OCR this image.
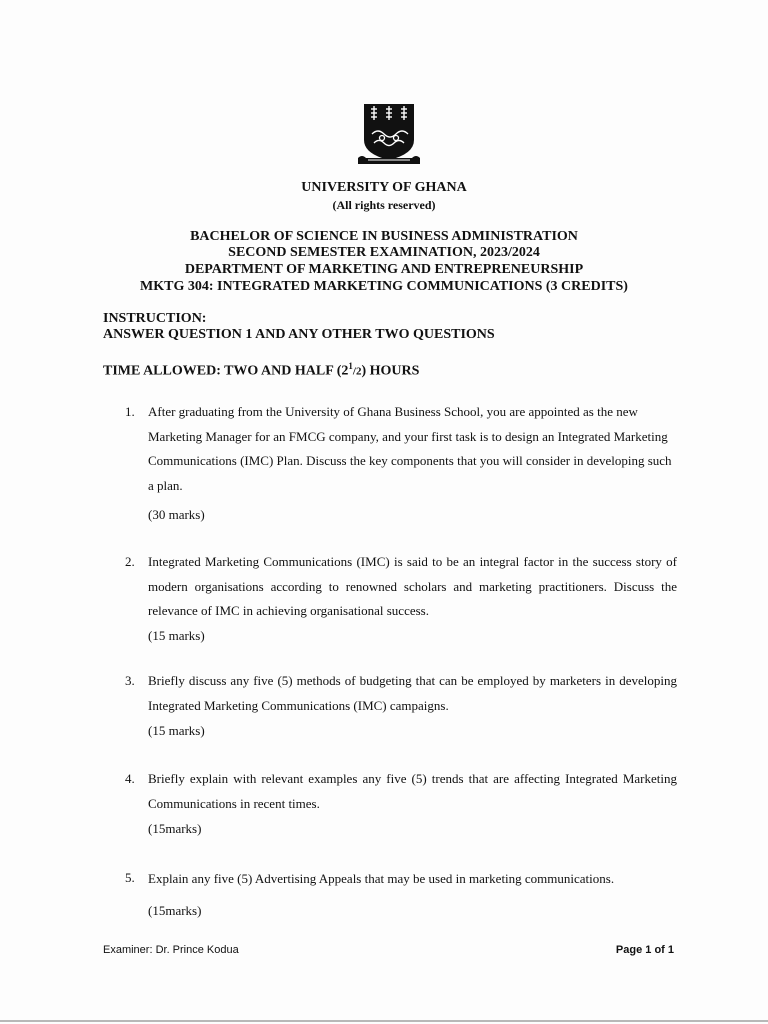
UNIVERSITY OF GHANA
(All rights reserved)
BACHELOR OF SCIENCE IN BUSINESS ADMINISTRATION
SECOND SEMESTER EXAMINATION, 2023/2024
DEPARTMENT OF MARKETING AND ENTREPRENEURSHIP
MKTG 304: INTEGRATED MARKETING COMMUNICATIONS (3 CREDITS)
INSTRUCTION:
ANSWER QUESTION 1 AND ANY OTHER TWO QUESTIONS
TIME ALLOWED: TWO AND HALF $(2^1/2)$ HOURS
1. After graduating from the University of Ghana Business School, you are appointed as the new Marketing Manager for an FMCG company, and your first task is to design an Integrated Marketing Communications (IMC) Plan. Discuss the key components that you will consider in developing such a plan.
(30 marks)
2. Integrated Marketing Communications (IMC) is said to be an integral factor in the success story of modern organisations according to renowned scholars and marketing practitioners. Discuss the relevance of IMC in achieving organisational success.
(15 marks)
3. Briefly discuss any five (5) methods of budgeting that can be employed by marketers in developing Integrated Marketing Communications (IMC) campaigns.
(15 marks)
4. Briefly explain with relevant examples any five (5) trends that are affecting Integrated Marketing Communications in recent times.
(15marks)
5. Explain any five (5) Advertising Appeals that may be used in marketing communications.
(15marks)
Examiner: Dr. Prince Kodua	Page 1 of 1
